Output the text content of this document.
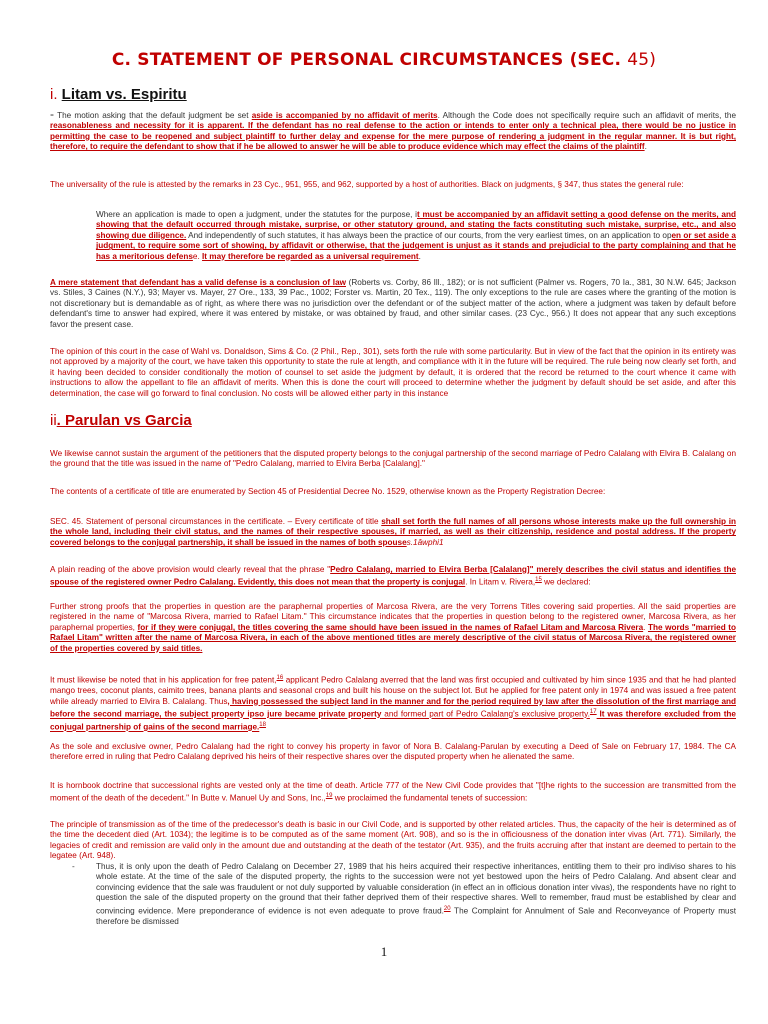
C. STATEMENT OF PERSONAL CIRCUMSTANCES (SEC. 45)
i. Litam vs. Espiritu
- The motion asking that the default judgment be set aside is accompanied by no affidavit of merits. Although the Code does not specifically require such an affidavit of merits, the reasonableness and necessity for it is apparent. If the defendant has no real defense to the action or intends to enter only a technical plea, there would be no justice in permitting the case to be reopened and subject plaintiff to further delay and expense for the mere purpose of rendering a judgment in the regular manner. It is but right, therefore, to require the defendant to show that if he be allowed to answer he will be able to produce evidence which may effect the claims of the plaintiff.
The universality of the rule is attested by the remarks in 23 Cyc., 951, 955, and 962, supported by a host of authorities. Black on judgments, § 347, thus states the general rule:
Where an application is made to open a judgment, under the statutes for the purpose, it must be accompanied by an affidavit setting a good defense on the merits, and showing that the default occurred through mistake, surprise, or other statutory ground, and stating the facts constituting such mistake, surprise, etc., and also showing due diligence. And independently of such statutes, it has always been the practice of our courts, from the very earliest times, on an application to open or set aside a judgment, to require some sort of showing, by affidavit or otherwise, that the judgement is unjust as it stands and prejudicial to the party complaining and that he has a meritorious defense. It may therefore be regarded as a universal requirement.
A mere statement that defendant has a valid defense is a conclusion of law (Roberts vs. Corby, 86 Ill., 182); or is not sufficient (Palmer vs. Rogers, 70 Ia., 381, 30 N.W. 645; Jackson vs. Stiles, 3 Caines (N.Y.), 93; Mayer vs. Mayer, 27 Ore., 133, 39 Pac., 1002; Forster vs. Martin, 20 Tex., 119). The only exceptions to the rule are cases where the granting of the motion is not discretionary but is demandable as of right, as where there was no jurisdiction over the defendant or of the subject matter of the action, where a judgment was taken by default before defendant's time to answer had expired, where it was entered by mistake, or was obtained by fraud, and other similar cases. (23 Cyc., 956.) It does not appear that any such exceptions favor the present case.
The opinion of this court in the case of Wahl vs. Donaldson, Sims & Co. (2 Phil., Rep., 301), sets forth the rule with some particularity. But in view of the fact that the opinion in its entirety was not approved by a majority of the court, we have taken this opportunity to state the rule at length, and compliance with it in the future will be required. The rule being now clearly set forth, and it having been decided to consider conditionally the motion of counsel to set aside the judgment by default, it is ordered that the record be returned to the court whence it came with instructions to allow the appellant to file an affidavit of merits. When this is done the court will proceed to determine whether the judgment by default should be set aside, and after this determination, the case will go forward to final conclusion. No costs will be allowed either party in this instance
ii. Parulan vs Garcia
We likewise cannot sustain the argument of the petitioners that the disputed property belongs to the conjugal partnership of the second marriage of Pedro Calalang with Elvira B. Calalang on the ground that the title was issued in the name of "Pedro Calalang, married to Elvira Berba [Calalang]."
The contents of a certificate of title are enumerated by Section 45 of Presidential Decree No. 1529, otherwise known as the Property Registration Decree:
SEC. 45. Statement of personal circumstances in the certificate. – Every certificate of title shall set forth the full names of all persons whose interests make up the full ownership in the whole land, including their civil status, and the names of their respective spouses, if married, as well as their citizenship, residence and postal address. If the property covered belongs to the conjugal partnership, it shall be issued in the names of both spouses.1âwphi1
A plain reading of the above provision would clearly reveal that the phrase "Pedro Calalang, married to Elvira Berba [Calalang]" merely describes the civil status and identifies the spouse of the registered owner Pedro Calalang. Evidently, this does not mean that the property is conjugal. In Litam v. Rivera,$^{15}$ we declared:
Further strong proofs that the properties in question are the paraphernal properties of Marcosa Rivera, are the very Torrens Titles covering said properties. All the said properties are registered in the name of "Marcosa Rivera, married to Rafael Litam." This circumstance indicates that the properties in question belong to the registered owner, Marcosa Rivera, as her paraphernal properties, for if they were conjugal, the titles covering the same should have been issued in the names of Rafael Litam and Marcosa Rivera. The words "married to Rafael Litam" written after the name of Marcosa Rivera, in each of the above mentioned titles are merely descriptive of the civil status of Marcosa Rivera, the registered owner of the properties covered by said titles.
It must likewise be noted that in his application for free patent,$^{16}$ applicant Pedro Calalang averred that the land was first occupied and cultivated by him since 1935 and that he had planted mango trees, coconut plants, caimito trees, banana plants and seasonal crops and built his house on the subject lot. But he applied for free patent only in 1974 and was issued a free patent while already married to Elvira B. Calalang. Thus, having possessed the subject land in the manner and for the period required by law after the dissolution of the first marriage and before the second marriage, the subject property ipso jure became private property and formed part of Pedro Calalang's exclusive property.$^{17}$ It was therefore excluded from the conjugal partnership of gains of the second marriage.$^{18}$
As the sole and exclusive owner, Pedro Calalang had the right to convey his property in favor of Nora B. Calalang-Parulan by executing a Deed of Sale on February 17, 1984. The CA therefore erred in ruling that Pedro Calalang deprived his heirs of their respective shares over the disputed property when he alienated the same.
It is hornbook doctrine that successional rights are vested only at the time of death. Article 777 of the New Civil Code provides that "[t]he rights to the succession are transmitted from the moment of the death of the decedent." In Butte v. Manuel Uy and Sons, Inc.,$^{19}$ we proclaimed the fundamental tenets of succession:
The principle of transmission as of the time of the predecessor's death is basic in our Civil Code, and is supported by other related articles. Thus, the capacity of the heir is determined as of the time the decedent died (Art. 1034); the legitime is to be computed as of the same moment (Art. 908), and so is the in officiousness of the donation inter vivas (Art. 771). Similarly, the legacies of credit and remission are valid only in the amount due and outstanding at the death of the testator (Art. 935), and the fruits accruing after that instant are deemed to pertain to the legatee (Art. 948).
-	Thus, it is only upon the death of Pedro Calalang on December 27, 1989 that his heirs acquired their respective inheritances, entitling them to their pro indiviso shares to his whole estate. At the time of the sale of the disputed property, the rights to the succession were not yet bestowed upon the heirs of Pedro Calalang. And absent clear and convincing evidence that the sale was fraudulent or not duly supported by valuable consideration (in effect an in officious donation inter vivas), the respondents have no right to question the sale of the disputed property on the ground that their father deprived them of their respective shares. Well to remember, fraud must be established by clear and convincing evidence. Mere preponderance of evidence is not even adequate to prove fraud.$^{20}$ The Complaint for Annulment of Sale and Reconveyance of Property must therefore be dismissed
1
